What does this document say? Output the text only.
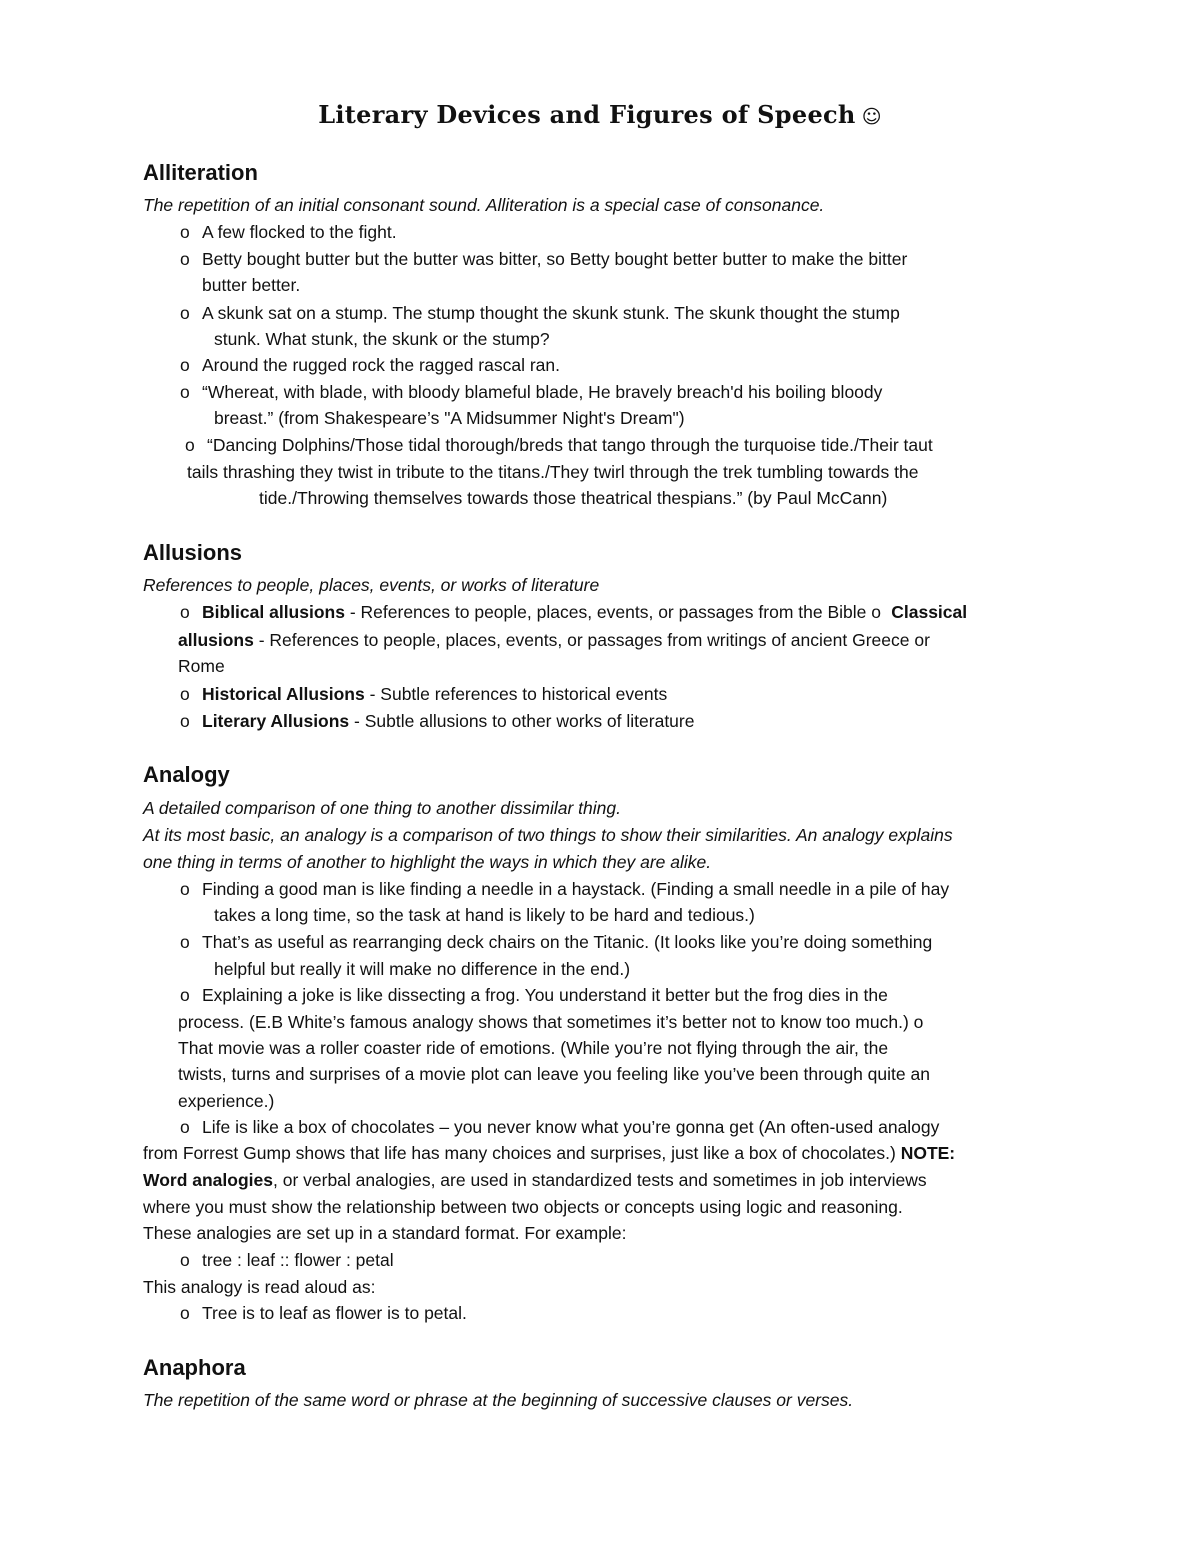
Literary Devices and Figures of Speech ☺
Alliteration
The repetition of an initial consonant sound. Alliteration is a special case of consonance.
o A few flocked to the fight.
o Betty bought butter but the butter was bitter, so Betty bought better butter to make the bitter
butter better.
o A skunk sat on a stump. The stump thought the skunk stunk. The skunk thought the stump
stunk. What stunk, the skunk or the stump?
o Around the rugged rock the ragged rascal ran.
o “Whereat, with blade, with bloody blameful blade, He bravely breach'd his boiling bloody
breast.” (from Shakespeare’s "A Midsummer Night's Dream")
o “Dancing Dolphins/Those tidal thorough/breds that tango through the turquoise tide./Their taut
tails thrashing they twist in tribute to the titans./They twirl through the trek tumbling towards the
tide./Throwing themselves towards those theatrical thespians.” (by Paul McCann)
Allusions
References to people, places, events, or works of literature
o Biblical allusions - References to people, places, events, or passages from the Bible o Classical
allusions - References to people, places, events, or passages from writings of ancient Greece or
Rome
o Historical Allusions - Subtle references to historical events
o Literary Allusions - Subtle allusions to other works of literature
Analogy
A detailed comparison of one thing to another dissimilar thing.
At its most basic, an analogy is a comparison of two things to show their similarities. An analogy explains
one thing in terms of another to highlight the ways in which they are alike.
o Finding a good man is like finding a needle in a haystack. (Finding a small needle in a pile of hay
takes a long time, so the task at hand is likely to be hard and tedious.)
o That’s as useful as rearranging deck chairs on the Titanic. (It looks like you’re doing something
helpful but really it will make no difference in the end.)
o Explaining a joke is like dissecting a frog. You understand it better but the frog dies in the
process. (E.B White’s famous analogy shows that sometimes it’s better not to know too much.) o
That movie was a roller coaster ride of emotions. (While you’re not flying through the air, the
twists, turns and surprises of a movie plot can leave you feeling like you’ve been through quite an
experience.)
o Life is like a box of chocolates – you never know what you’re gonna get (An often-used analogy
from Forrest Gump shows that life has many choices and surprises, just like a box of chocolates.) NOTE:
Word analogies, or verbal analogies, are used in standardized tests and sometimes in job interviews
where you must show the relationship between two objects or concepts using logic and reasoning.
These analogies are set up in a standard format. For example:
o tree : leaf :: flower : petal
This analogy is read aloud as:
o Tree is to leaf as flower is to petal.
Anaphora
The repetition of the same word or phrase at the beginning of successive clauses or verses.
